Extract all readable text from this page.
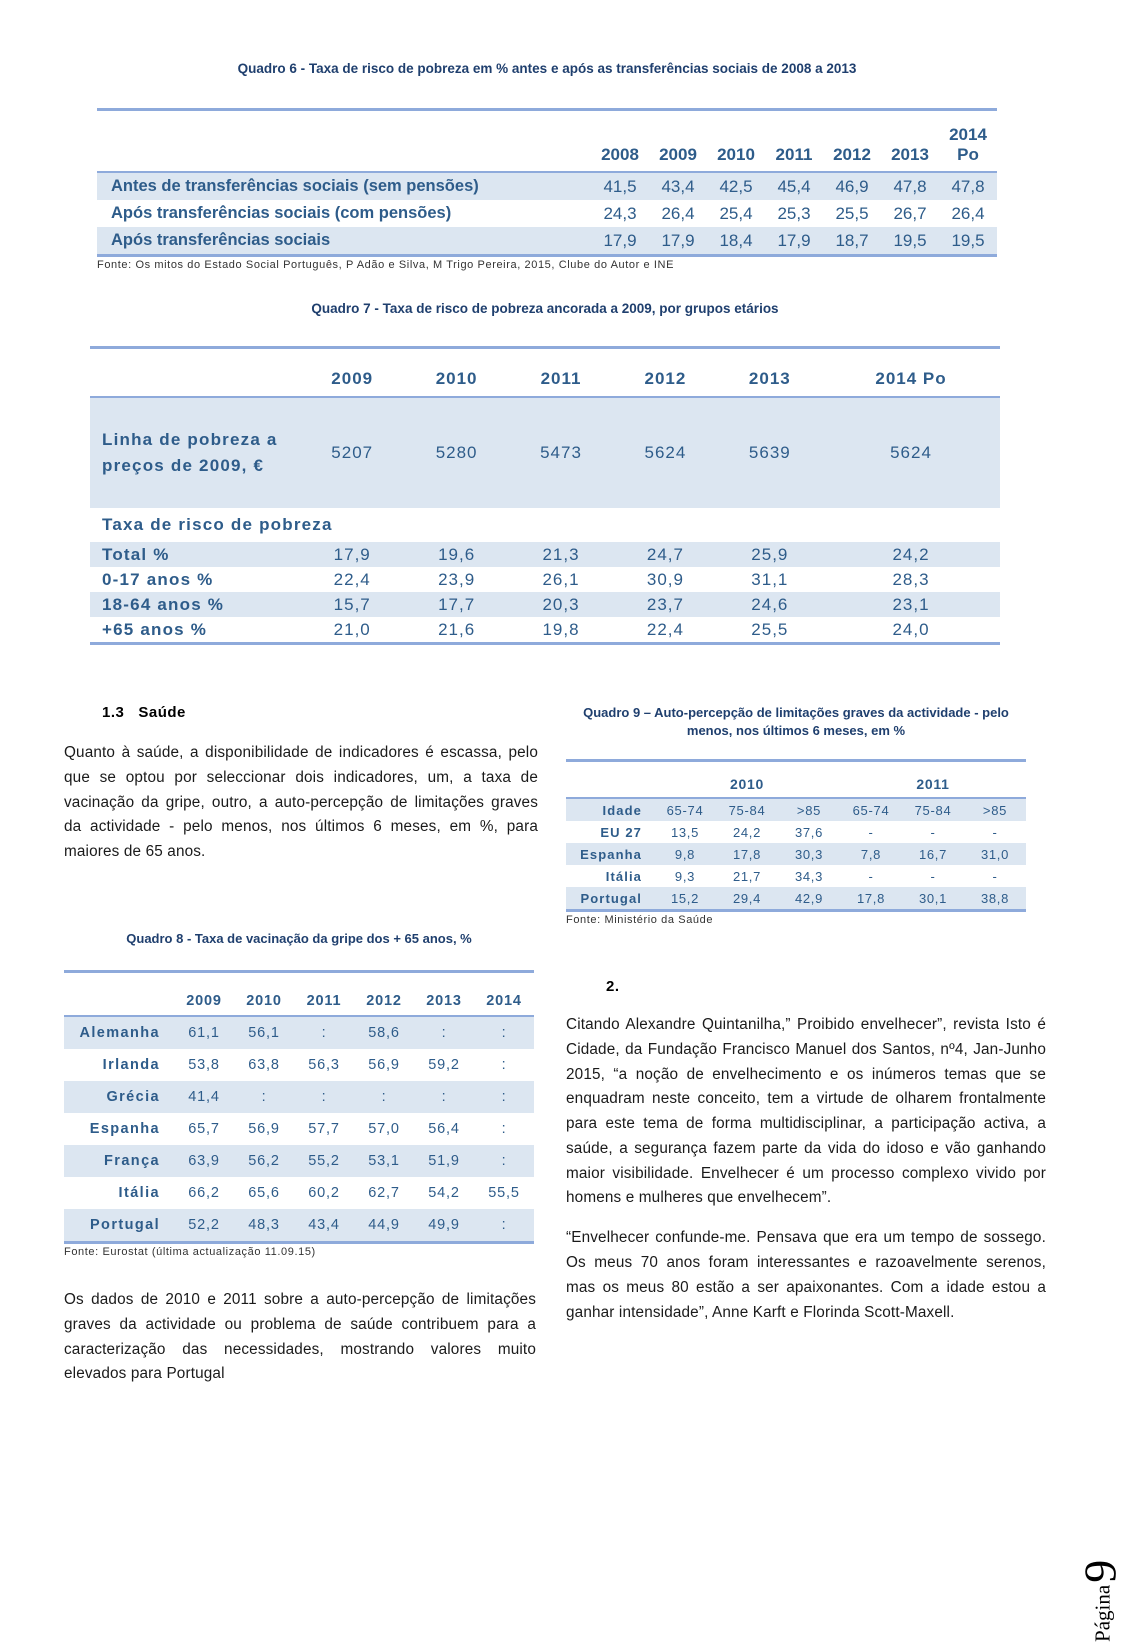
Quadro 6 - Taxa de risco de pobreza em % antes e após as transferências sociais de 2008 a 2013
	2008	2009	2010	2011	2012	2013	2014 Po
Antes de transferências sociais (sem pensões)	41,5	43,4	42,5	45,4	46,9	47,8	47,8
Após transferências sociais (com pensões)	24,3	26,4	25,4	25,3	25,5	26,7	26,4
Após transferências sociais	17,9	17,9	18,4	17,9	18,7	19,5	19,5
Fonte: Os mitos do Estado Social Português, P Adão e Silva, M Trigo Pereira, 2015, Clube do Autor e INE
Quadro 7 - Taxa de risco de pobreza ancorada a 2009, por grupos etários
	2009	2010	2011	2012	2013	2014 Po
Linha de pobreza a preços de 2009, €	5207	5280	5473	5624	5639	5624
Taxa de risco de pobreza						
Total %	17,9	19,6	21,3	24,7	25,9	24,2
0-17 anos %	22,4	23,9	26,1	30,9	31,1	28,3
18-64 anos %	15,7	17,7	20,3	23,7	24,6	23,1
+65 anos %	21,0	21,6	19,8	22,4	25,5	24,0
1.3 Saúde

Quanto à saúde, a disponibilidade de indicadores é escassa, pelo que se optou por seleccionar dois indicadores, um, a taxa de vacinação da gripe, outro, a auto-percepção de limitações graves da actividade - pelo menos, nos últimos 6 meses, em %, para maiores de 65 anos.

Quadro 8 - Taxa de vacinação da gripe dos + 65 anos, %
	2009	2010	2011	2012	2013	2014
Alemanha	61,1	56,1	:	58,6	:	:
Irlanda	53,8	63,8	56,3	56,9	59,2	:
Grécia	41,4	:	:	:	:	:
Espanha	65,7	56,9	57,7	57,0	56,4	:
França	63,9	56,2	55,2	53,1	51,9	:
Itália	66,2	65,6	60,2	62,7	54,2	55,5
Portugal	52,2	48,3	43,4	44,9	49,9	:
Fonte: Eurostat (última actualização 11.09.15)
Quadro 9 – Auto-percepção de limitações graves da actividade - pelo menos, nos últimos 6 meses, em %
	2010			2011		
Idade	65-74	75-84	>85	65-74	75-84	>85
EU 27	13,5	24,2	37,6	-	-	-
Espanha	9,8	17,8	30,3	7,8	16,7	31,0
Itália	9,3	21,7	34,3	-	-	-
Portugal	15,2	29,4	42,9	17,8	30,1	38,8
Fonte: Ministério da Saúde
2.

Citando Alexandre Quintanilha,” Proibido envelhecer”, revista Isto é Cidade, da Fundação Francisco Manuel dos Santos, nº4, Jan-Junho 2015, “a noção de envelhecimento e os inúmeros temas que se enquadram neste conceito, tem a virtude de olharem frontalmente para este tema de forma multidisciplinar, a participação activa, a saúde, a segurança fazem parte da vida do idoso e vão ganhando maior visibilidade. Envelhecer é um processo complexo vivido por homens e mulheres que envelhecem”.

“Envelhecer confunde-me. Pensava que era um tempo de sossego. Os meus 70 anos foram interessantes e razoavelmente serenos, mas os meus 80 estão a ser apaixonantes. Com a idade estou a ganhar intensidade”, Anne Karft e Florinda Scott-Maxell.

Os dados de 2010 e 2011 sobre a auto-percepção de limitações graves da actividade ou problema de saúde contribuem para a caracterização das necessidades, mostrando valores muito elevados para Portugal

Página9
